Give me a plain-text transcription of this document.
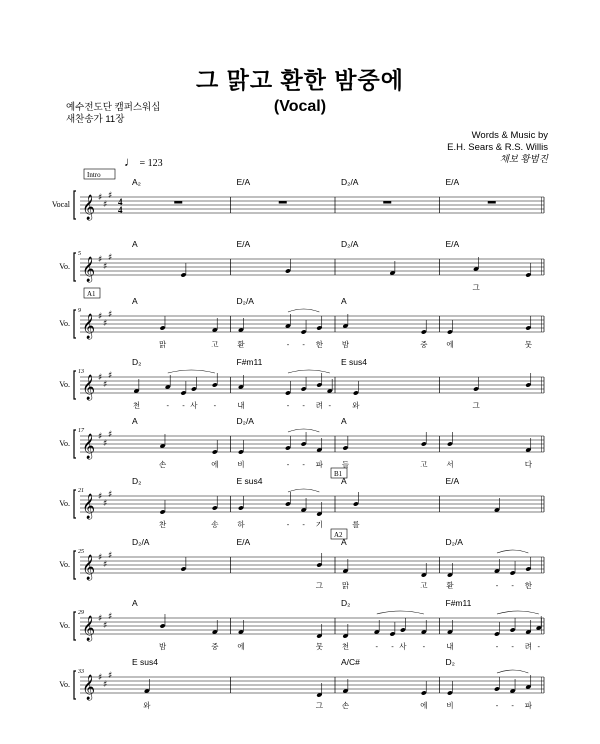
그 맑고 환한 밤중에
(Vocal)
예수전도단 캠퍼스워십
새찬송가 11장
Words & Music by
E.H. Sears & R.S. Willis
채보 황범진
♩ = 123
Vocal 𝄞 ♯
♯
♯
4
4
A₂	E/A	D₂/A	E/A
Intro
Vo.
5
𝄞 ♯
♯
♯
A	E/A	D₂/A	E/A
그
Vo.
9
𝄞 ♯
♯
♯
A
맑	고
D₂/A
환	- - 한
A
밤	중	에	뭇
A1
Vo.
13
𝄞 ♯
♯
♯
D₂
천	- - 사 -
F#m11
내	- - 려 -
E sus4
와	그
Vo.
17
𝄞 ♯
♯
♯
A
손	에
D₂/A
비	- - 파
A
들	고	서	다
Vo.
21
𝄞 ♯
♯
♯
D₂
찬	송
E sus4
하	- - 기
A
를
E/A
B1
Vo.
25
𝄞 ♯
♯
♯
D₂/A	E/A
그
A
맑	고
D₂/A
환	- - 한
A2
Vo.
29
𝄞 ♯
♯
♯
A
밤	중	에	뭇
D₂
천	- - 사 -
F#m11
내	- - 려 -
Vo.
33
𝄞 ♯
♯
♯
E sus4
와	그
A/C#
손	에
D₂
비	- - 파
